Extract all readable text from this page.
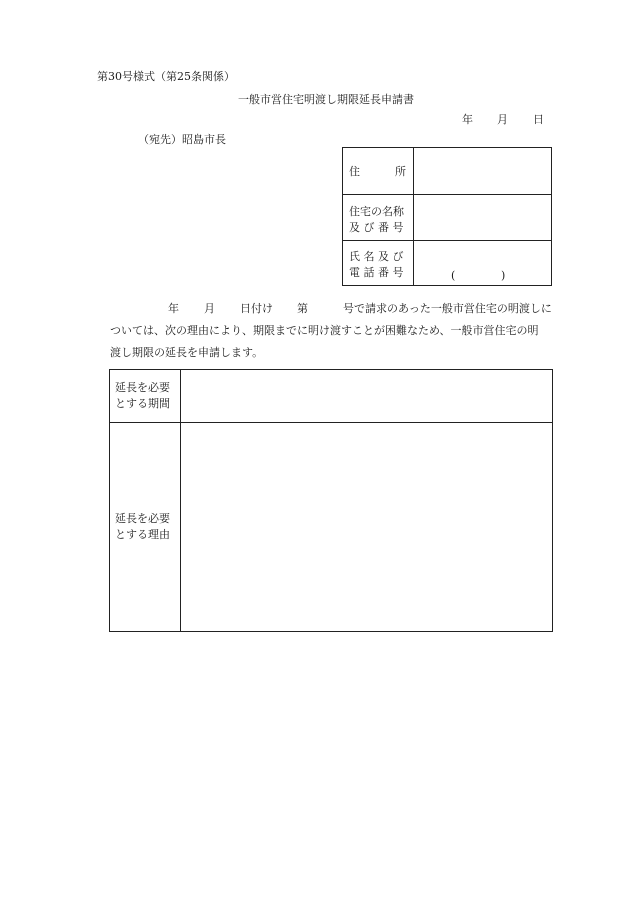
第30号様式（第25条関係）
一般市営住宅明渡し期限延長申請書
年 月 日
（宛先）昭島市長
住	所
住宅の名称
及 び 番 号
氏 名 及 び
電 話 番 号	(	)
年 月 日付け 第	号で請求のあった一般市営住宅の明渡しに
ついては、次の理由により、期限までに明け渡すことが困難なため、一般市営住宅の明
渡し期限の延長を申請します。
延長を必要
とする期間
延長を必要
とする理由
